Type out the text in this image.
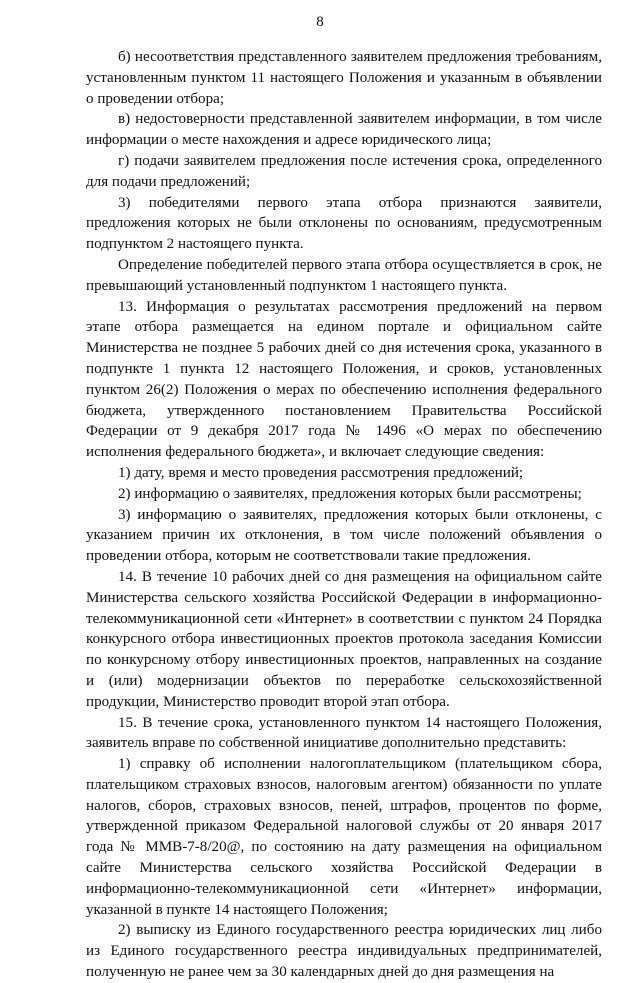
8

б) несоответствия представленного заявителем предложения требованиям, установленным пунктом 11 настоящего Положения и указанным в объявлении о проведении отбора;

в) недостоверности представленной заявителем информации, в том числе информации о месте нахождения и адресе юридического лица;

г) подачи заявителем предложения после истечения срока, определенного для подачи предложений;

3) победителями первого этапа отбора признаются заявители, предложения которых не были отклонены по основаниям, предусмотренным подпунктом 2 настоящего пункта.

Определение победителей первого этапа отбора осуществляется в срок, не превышающий установленный подпунктом 1 настоящего пункта.

13. Информация о результатах рассмотрения предложений на первом этапе отбора размещается на едином портале и официальном сайте Министерства не позднее 5 рабочих дней со дня истечения срока, указанного в подпункте 1 пункта 12 настоящего Положения, и сроков, установленных пунктом 26(2) Положения о мерах по обеспечению исполнения федерального бюджета, утвержденного постановлением Правительства Российской Федерации от 9 декабря 2017 года № 1496 «О мерах по обеспечению исполнения федерального бюджета», и включает следующие сведения:

1) дату, время и место проведения рассмотрения предложений;

2) информацию о заявителях, предложения которых были рассмотрены;

3) информацию о заявителях, предложения которых были отклонены, с указанием причин их отклонения, в том числе положений объявления о проведении отбора, которым не соответствовали такие предложения.

14. В течение 10 рабочих дней со дня размещения на официальном сайте Министерства сельского хозяйства Российской Федерации в информационно-телекоммуникационной сети «Интернет» в соответствии с пунктом 24 Порядка конкурсного отбора инвестиционных проектов протокола заседания Комиссии по конкурсному отбору инвестиционных проектов, направленных на создание и (или) модернизации объектов по переработке сельскохозяйственной продукции, Министерство проводит второй этап отбора.

15. В течение срока, установленного пунктом 14 настоящего Положения, заявитель вправе по собственной инициативе дополнительно представить:

1) справку об исполнении налогоплательщиком (плательщиком сбора, плательщиком страховых взносов, налоговым агентом) обязанности по уплате налогов, сборов, страховых взносов, пеней, штрафов, процентов по форме, утвержденной приказом Федеральной налоговой службы от 20 января 2017 года № ММВ-7-8/20@, по состоянию на дату размещения на официальном сайте Министерства сельского хозяйства Российской Федерации в информационно-телекоммуникационной сети «Интернет» информации, указанной в пункте 14 настоящего Положения;

2) выписку из Единого государственного реестра юридических лиц либо из Единого государственного реестра индивидуальных предпринимателей, полученную не ранее чем за 30 календарных дней до дня размещения на
